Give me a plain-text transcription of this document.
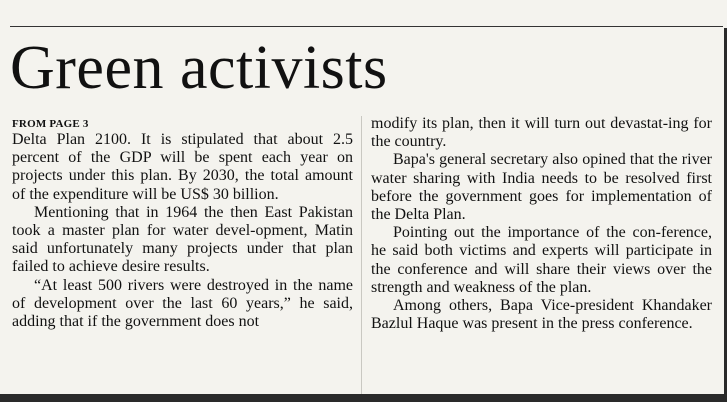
Green activists
FROM PAGE 3

Delta Plan 2100. It is stipulated that about 2.5 percent of the GDP will be spent each year on projects under this plan. By 2030, the total amount of the expenditure will be US$ 30 billion.

Mentioning that in 1964 the then East Pakistan took a master plan for water devel-opment, Matin said unfortunately many projects under that plan failed to achieve desire results.

“At least 500 rivers were destroyed in the name of development over the last 60 years,” he said, adding that if the government does not

modify its plan, then it will turn out devastat-ing for the country.

Bapa's general secretary also opined that the river water sharing with India needs to be resolved first before the government goes for implementation of the Delta Plan.

Pointing out the importance of the con-ference, he said both victims and experts will participate in the conference and will share their views over the strength and weakness of the plan.

Among others, Bapa Vice-president Khandaker Bazlul Haque was present in the press conference.
